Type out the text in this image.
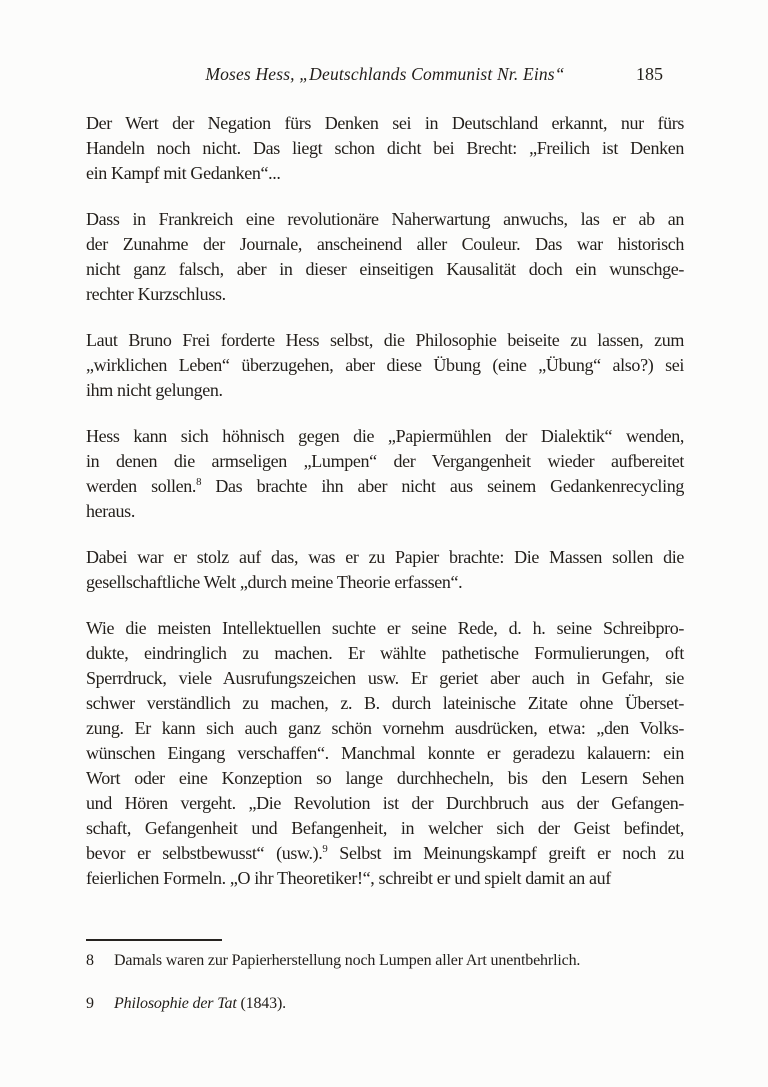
Moses Hess, „Deutschlands Communist Nr. Eins“	185
Der Wert der Negation fürs Denken sei in Deutschland erkannt, nur fürs
Handeln noch nicht. Das liegt schon dicht bei Brecht: „Freilich ist Denken
ein Kampf mit Gedanken“...
Dass in Frankreich eine revolutionäre Naherwartung anwuchs, las er ab an
der Zunahme der Journale, anscheinend aller Couleur. Das war historisch
nicht ganz falsch, aber in dieser einseitigen Kausalität doch ein wunschge-
rechter Kurzschluss.
Laut Bruno Frei forderte Hess selbst, die Philosophie beiseite zu lassen, zum
„wirklichen Leben“ überzugehen, aber diese Übung (eine „Übung“ also?) sei
ihm nicht gelungen.
Hess kann sich höhnisch gegen die „Papiermühlen der Dialektik“ wenden,
in denen die armseligen „Lumpen“ der Vergangenheit wieder aufbereitet
werden sollen.$^8$ Das brachte ihn aber nicht aus seinem Gedankenrecycling
heraus.
Dabei war er stolz auf das, was er zu Papier brachte: Die Massen sollen die
gesellschaftliche Welt „durch meine Theorie erfassen“.
Wie die meisten Intellektuellen suchte er seine Rede, d. h. seine Schreibpro-
dukte, eindringlich zu machen. Er wählte pathetische Formulierungen, oft
Sperrdruck, viele Ausrufungszeichen usw. Er geriet aber auch in Gefahr, sie
schwer verständlich zu machen, z. B. durch lateinische Zitate ohne Überset-
zung. Er kann sich auch ganz schön vornehm ausdrücken, etwa: „den Volks-
wünschen Eingang verschaffen“. Manchmal konnte er geradezu kalauern: ein
Wort oder eine Konzeption so lange durchhecheln, bis den Lesern Sehen
und Hören vergeht. „Die Revolution ist der Durchbruch aus der Gefangen-
schaft, Gefangenheit und Befangenheit, in welcher sich der Geist befindet,
bevor er selbstbewusst“ (usw.).$^9$ Selbst im Meinungskampf greift er noch zu
feierlichen Formeln. „O ihr Theoretiker!“, schreibt er und spielt damit an auf
8	Damals waren zur Papierherstellung noch Lumpen aller Art unentbehrlich.
9	Philosophie der Tat (1843).
